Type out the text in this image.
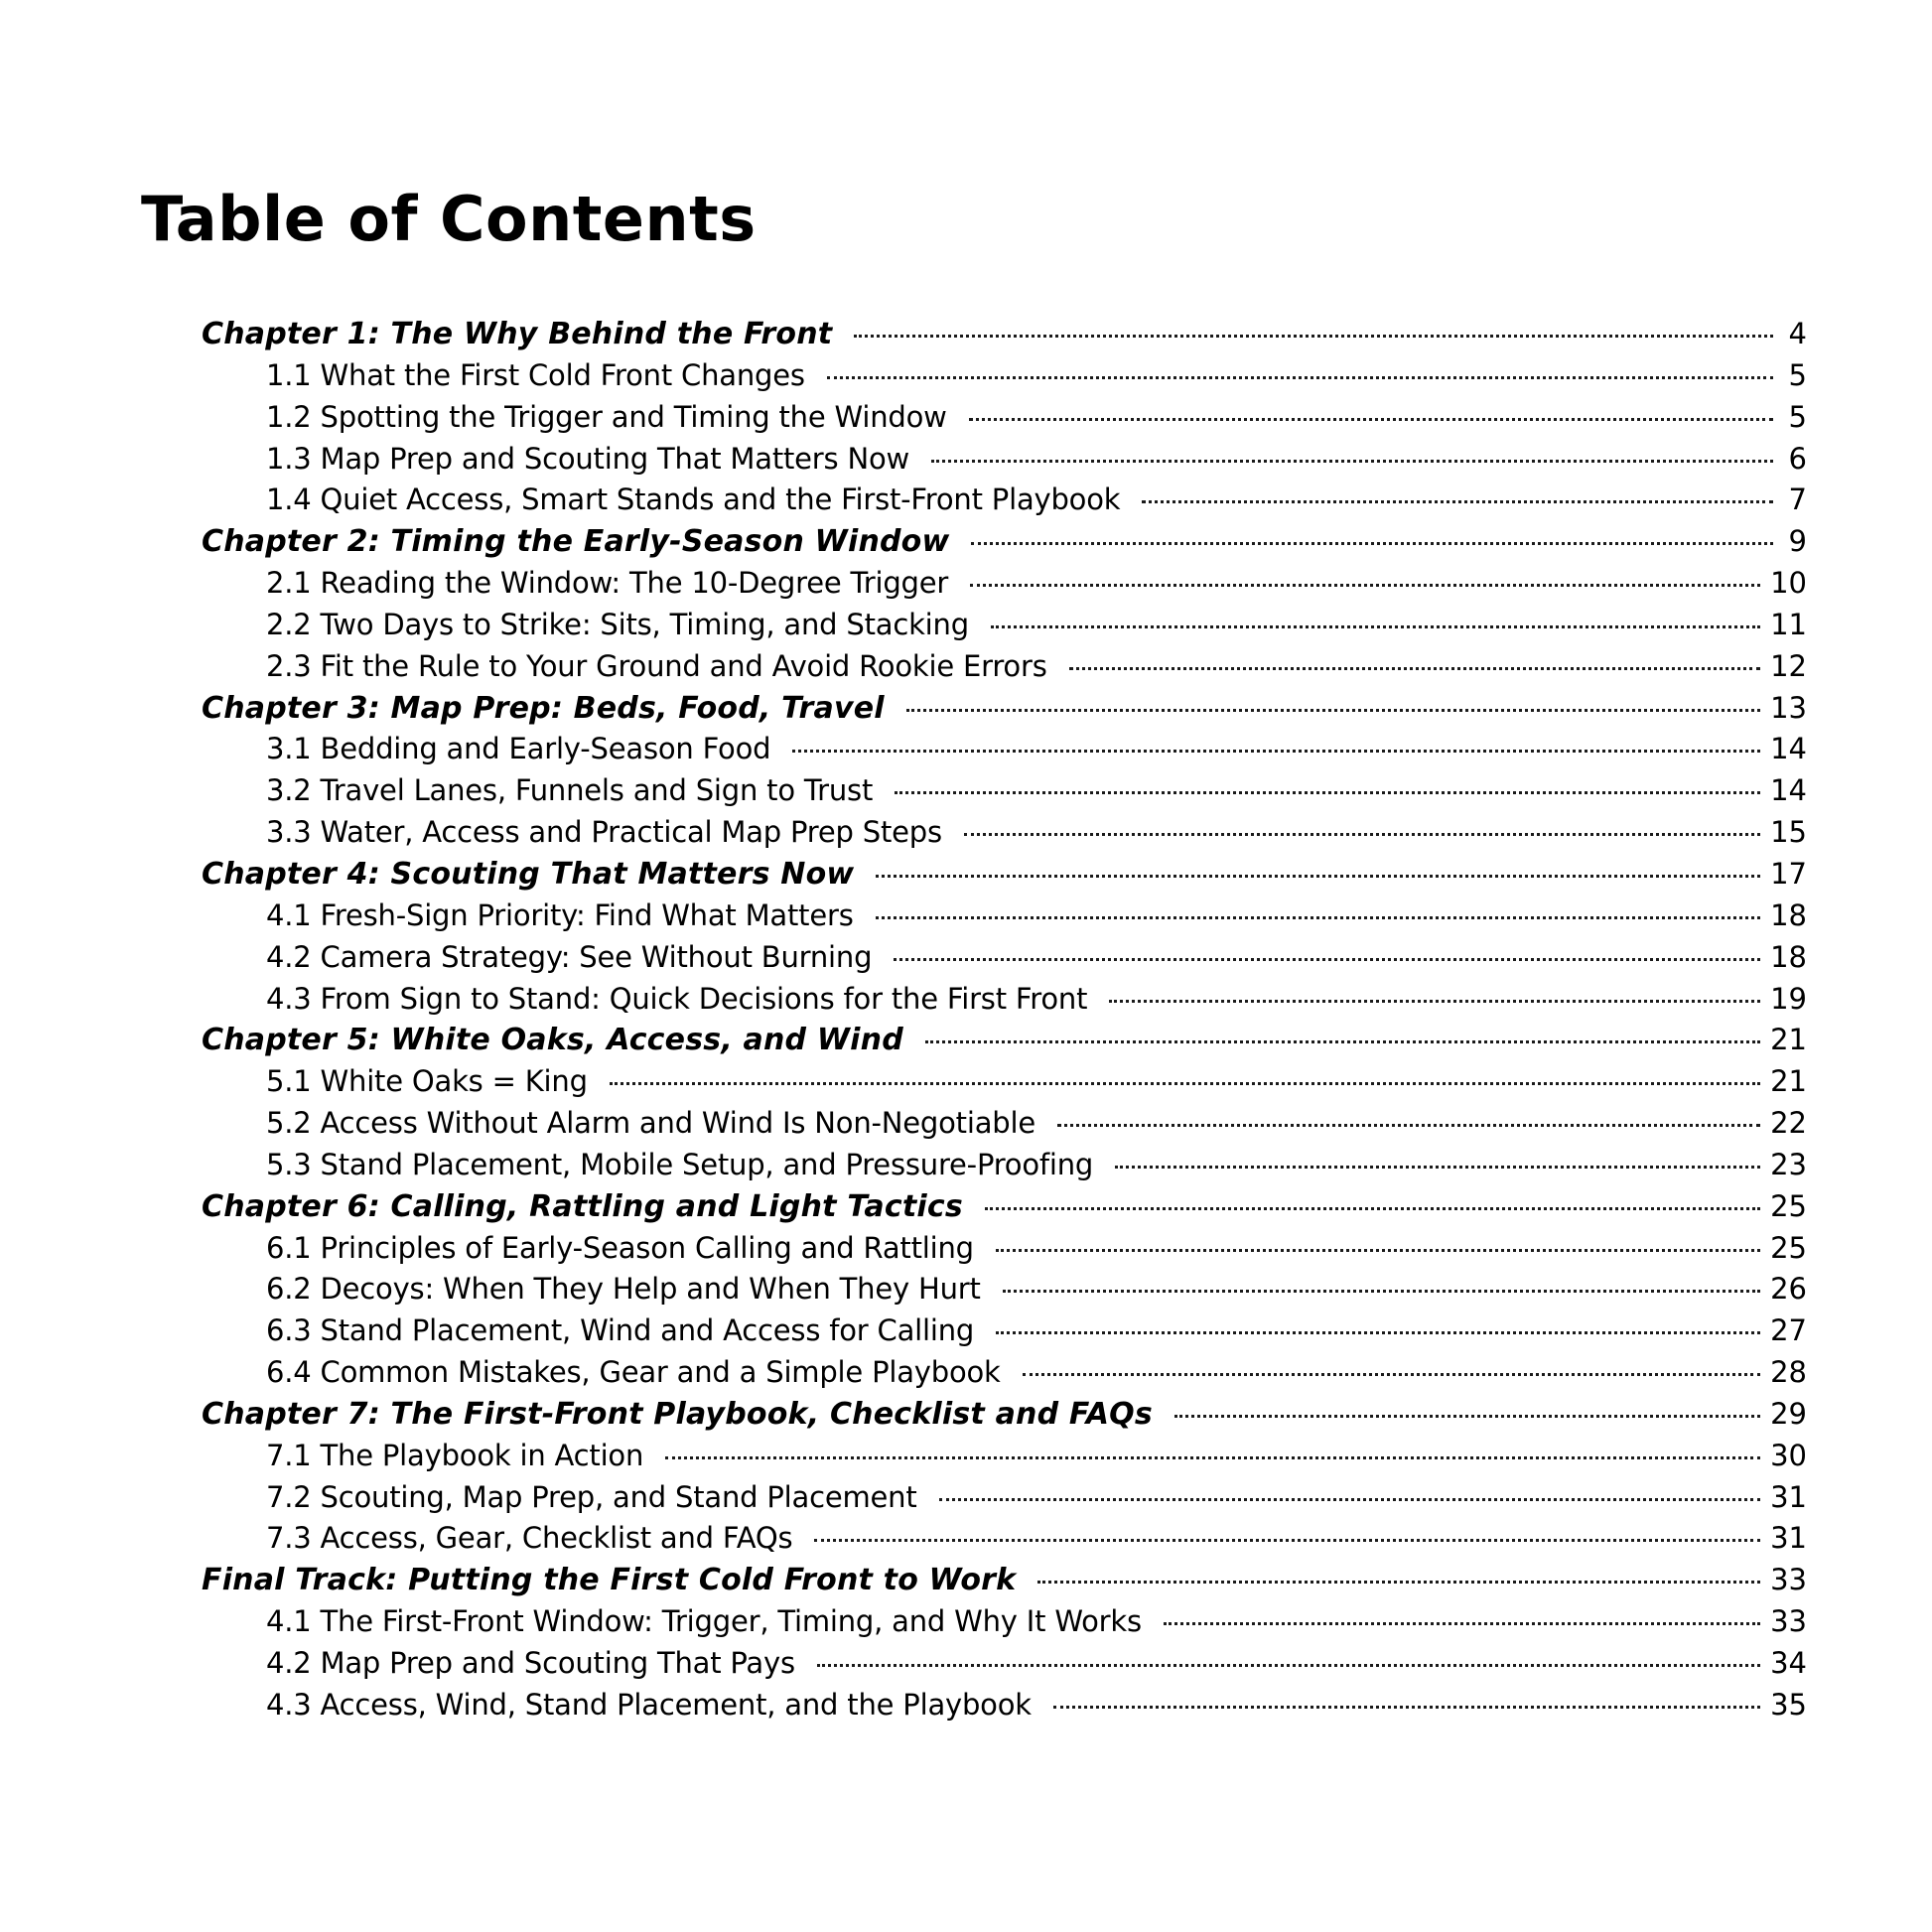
Table of Contents
Chapter 1: The Why Behind the Front	4
1.1 What the First Cold Front Changes	5
1.2 Spotting the Trigger and Timing the Window	5
1.3 Map Prep and Scouting That Matters Now	6
1.4 Quiet Access, Smart Stands and the First-Front Playbook	7
Chapter 2: Timing the Early-Season Window	9
2.1 Reading the Window: The 10-Degree Trigger	10
2.2 Two Days to Strike: Sits, Timing, and Stacking	11
2.3 Fit the Rule to Your Ground and Avoid Rookie Errors	12
Chapter 3: Map Prep: Beds, Food, Travel	13
3.1 Bedding and Early-Season Food	14
3.2 Travel Lanes, Funnels and Sign to Trust	14
3.3 Water, Access and Practical Map Prep Steps	15
Chapter 4: Scouting That Matters Now	17
4.1 Fresh-Sign Priority: Find What Matters	18
4.2 Camera Strategy: See Without Burning	18
4.3 From Sign to Stand: Quick Decisions for the First Front	19
Chapter 5: White Oaks, Access, and Wind	21
5.1 White Oaks = King	21
5.2 Access Without Alarm and Wind Is Non-Negotiable	22
5.3 Stand Placement, Mobile Setup, and Pressure-Proofing	23
Chapter 6: Calling, Rattling and Light Tactics	25
6.1 Principles of Early-Season Calling and Rattling	25
6.2 Decoys: When They Help and When They Hurt	26
6.3 Stand Placement, Wind and Access for Calling	27
6.4 Common Mistakes, Gear and a Simple Playbook	28
Chapter 7: The First-Front Playbook, Checklist and FAQs	29
7.1 The Playbook in Action	30
7.2 Scouting, Map Prep, and Stand Placement	31
7.3 Access, Gear, Checklist and FAQs	31
Final Track: Putting the First Cold Front to Work	33
4.1 The First-Front Window: Trigger, Timing, and Why It Works	33
4.2 Map Prep and Scouting That Pays	34
4.3 Access, Wind, Stand Placement, and the Playbook	35
